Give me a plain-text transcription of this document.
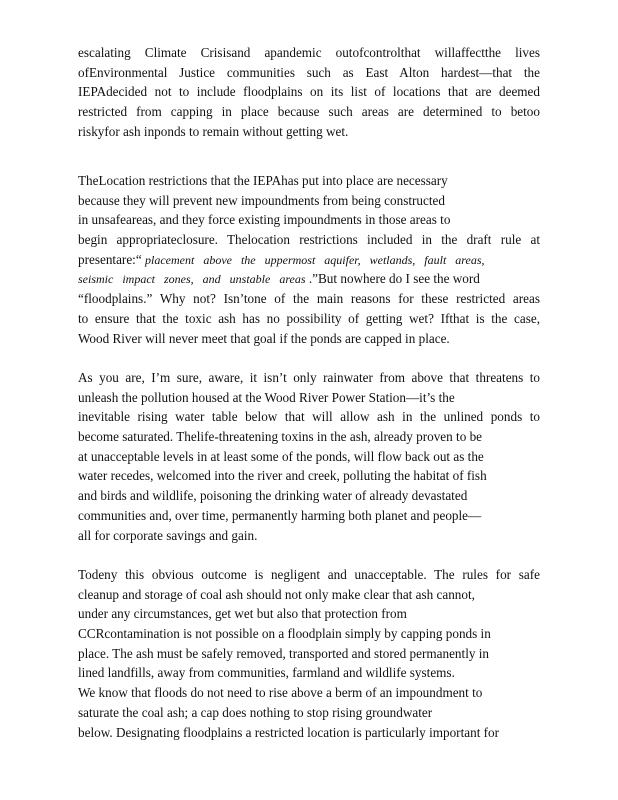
escalating Climate Crisisand apandemic outofcontrolthat willaffectthe lives
ofEnvironmental Justice communities such as East Alton hardest—that the
IEPAdecided not to include floodplains on its list of locations that are deemed
restricted from capping in place because such areas are determined to betoo
riskyfor ash inponds to remain without getting wet.
TheLocation restrictions that the IEPAhas put into place are necessary
because they will prevent new impoundments from being constructed
in unsafeareas, and they force existing impoundments in those areas to
begin appropriateclosure. Thelocation restrictions included in the draft rule at
presentare:“ placement above the uppermost aquifer, wetlands, fault areas,
seismic impact zones, and unstable areas .”But nowhere do I see the word
“floodplains.” Why not? Isn’tone of the main reasons for these restricted areas
to ensure that the toxic ash has no possibility of getting wet? Ifthat is the case,
Wood River will never meet that goal if the ponds are capped in place.
As you are, I’m sure, aware, it isn’t only rainwater from above that threatens to
unleash the pollution housed at the Wood River Power Station—it’s the
inevitable rising water table below that will allow ash in the unlined ponds to
become saturated. Thelife-threatening toxins in the ash, already proven to be
at unacceptable levels in at least some of the ponds, will flow back out as the
water recedes, welcomed into the river and creek, polluting the habitat of fish
and birds and wildlife, poisoning the drinking water of already devastated
communities and, over time, permanently harming both planet and people—
all for corporate savings and gain.
Todeny this obvious outcome is negligent and unacceptable. The rules for safe
cleanup and storage of coal ash should not only make clear that ash cannot,
under any circumstances, get wet but also that protection from
CCRcontamination is not possible on a floodplain simply by capping ponds in
place. The ash must be safely removed, transported and stored permanently in
lined landfills, away from communities, farmland and wildlife systems.
We know that floods do not need to rise above a berm of an impoundment to
saturate the coal ash; a cap does nothing to stop rising groundwater
below. Designating floodplains a restricted location is particularly important for
